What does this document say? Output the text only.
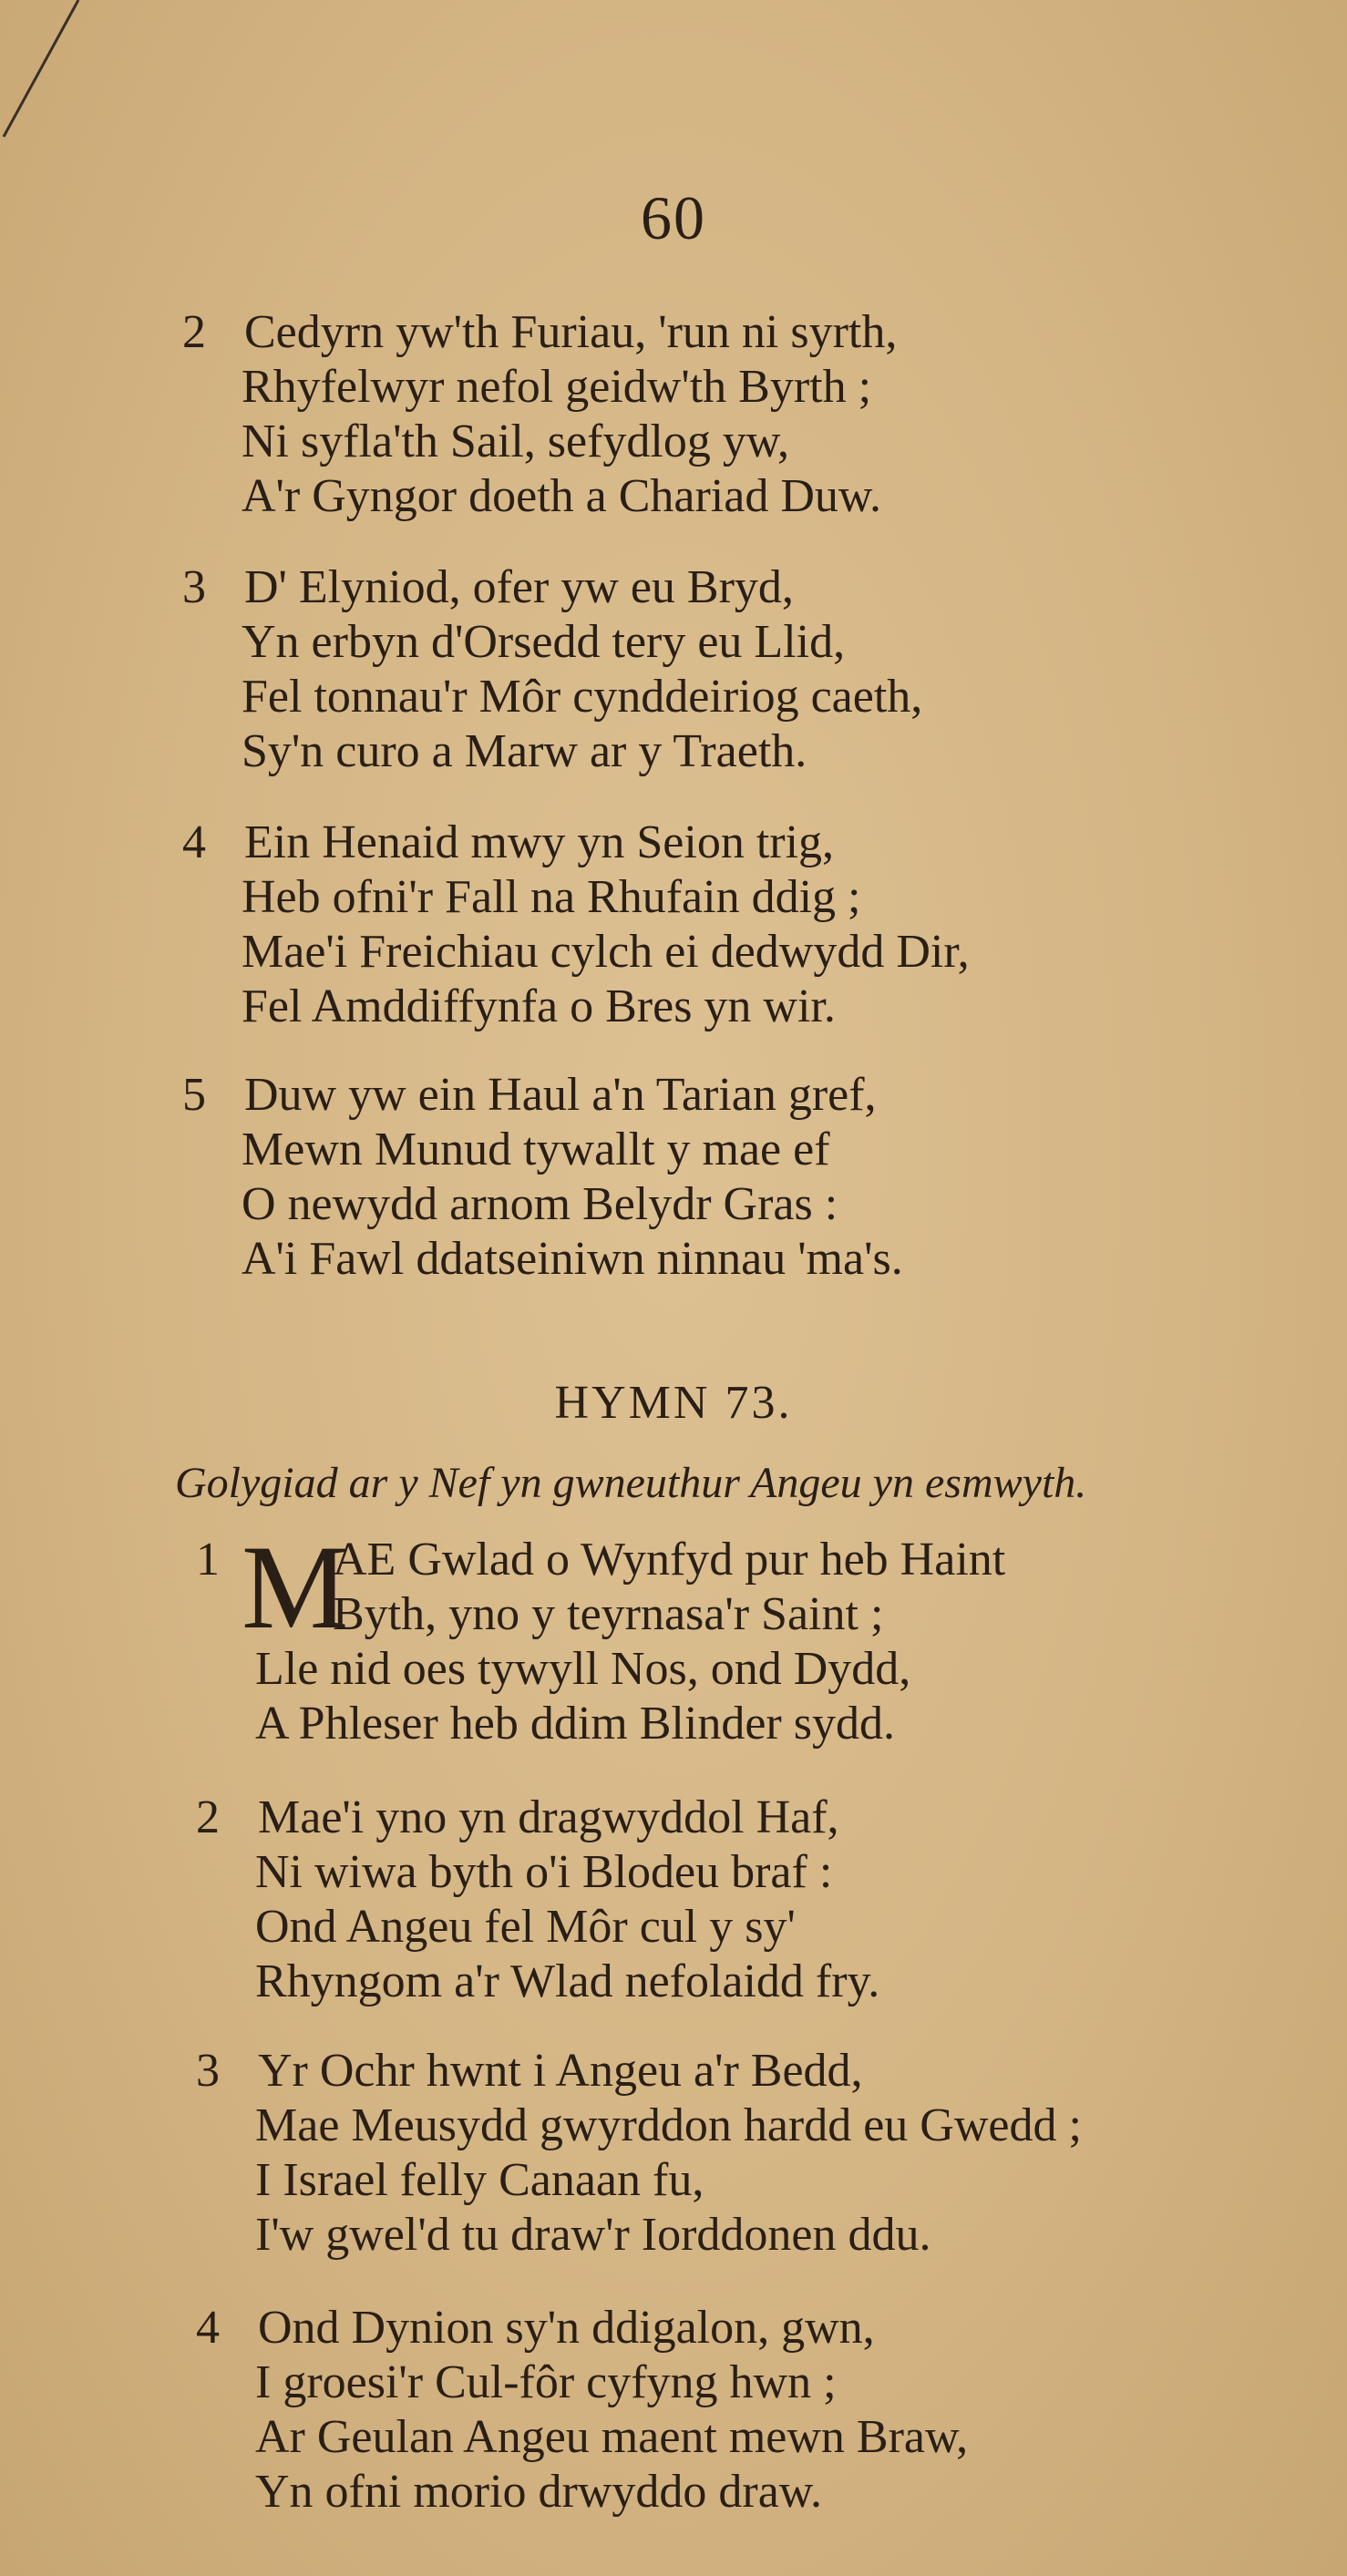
60
2 Cedyrn yw'th Furiau, 'run ni syrth,
Rhyfelwyr nefol geidw'th Byrth ;
Ni syfla'th Sail, sefydlog yw,
A'r Gyngor doeth a Chariad Duw.
3 D' Elyniod, ofer yw eu Bryd,
Yn erbyn d'Orsedd tery eu Llid,
Fel tonnau'r Môr cynddeiriog caeth,
Sy'n curo a Marw ar y Traeth.
4 Ein Henaid mwy yn Seion trig,
Heb ofni'r Fall na Rhufain ddig ;
Mae'i Freichiau cylch ei dedwydd Dir,
Fel Amddiffynfa o Bres yn wir.
5 Duw yw ein Haul a'n Tarian gref,
Mewn Munud tywallt y mae ef
O newydd arnom Belydr Gras :
A'i Fawl ddatseiniwn ninnau 'ma's.
HYMN 73.
Golygiad ar y Nef yn gwneuthur Angeu yn esmwyth.
1 M
AE Gwlad o Wynfyd pur heb Haint
Byth, yno y teyrnasa'r Saint ;
Lle nid oes tywyll Nos, ond Dydd,
A Phleser heb ddim Blinder sydd.
2 Mae'i yno yn dragwyddol Haf,
Ni wiwa byth o'i Blodeu braf :
Ond Angeu fel Môr cul y sy'
Rhyngom a'r Wlad nefolaidd fry.
3 Yr Ochr hwnt i Angeu a'r Bedd,
Mae Meusydd gwyrddon hardd eu Gwedd ;
I Israel felly Canaan fu,
I'w gwel'd tu draw'r Iorddonen ddu.
4 Ond Dynion sy'n ddigalon, gwn,
I groesi'r Cul-fôr cyfyng hwn ;
Ar Geulan Angeu maent mewn Braw,
Yn ofni morio drwyddo draw.
